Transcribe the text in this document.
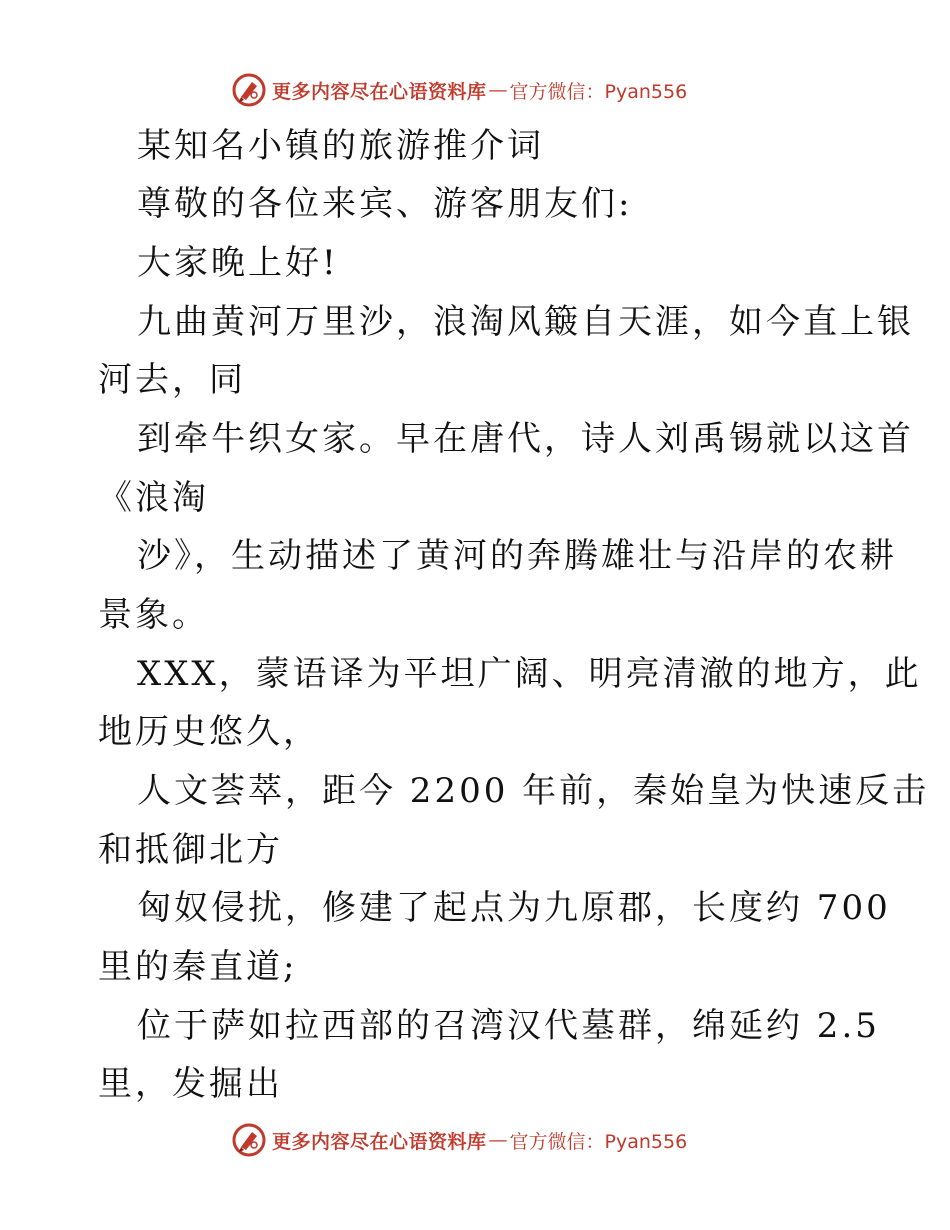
更多内容尽在心语资料库 — 官方微信：Pyan556
某知名小镇的旅游推介词
尊敬的各位来宾、游客朋友们:
大家晚上好!
九曲黄河万里沙，浪淘风簸自天涯，如今直上银
河去，同
到牵牛织女家。早在唐代，诗人刘禹锡就以这首
《浪淘
沙》，生动描述了黄河的奔腾雄壮与沿岸的农耕
景象。
XXX，蒙语译为平坦广阔、明亮清澈的地方，此
地历史悠久，
人文荟萃，距今 2200 年前，秦始皇为快速反击
和抵御北方
匈奴侵扰，修建了起点为九原郡，长度约 700
里的秦直道;
位于萨如拉西部的召湾汉代墓群，绵延约 2.5
里，发掘出
更多内容尽在心语资料库 — 官方微信：Pyan556
